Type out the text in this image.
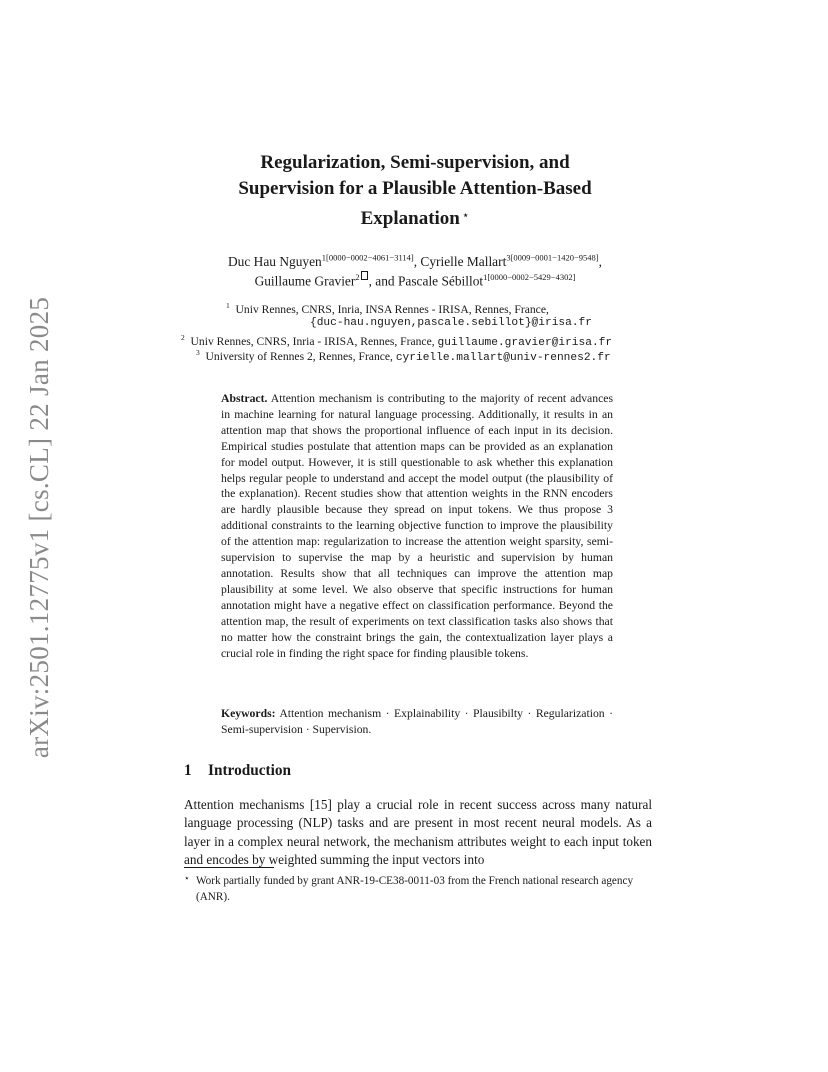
arXiv:2501.12775v1 [cs.CL] 22 Jan 2025
Regularization, Semi-supervision, and
Supervision for a Plausible Attention-Based
Explanation ⋆
Duc Hau Nguyen$^{1[0000-0002-4061-3114]}$, Cyrielle Mallart$^{3[0009-0001-1420-9548]}$,
Guillaume Gravier$^2$ , and Pascale Sébillot$^{1[0000-0002-5429-4302]}$
$^1$ Univ Rennes, CNRS, Inria, INSA Rennes - IRISA, Rennes, France,
{duc-hau.nguyen,pascale.sebillot}@irisa.fr
$^2$ Univ Rennes, CNRS, Inria - IRISA, Rennes, France, guillaume.gravier@irisa.fr
$^3$ University of Rennes 2, Rennes, France, cyrielle.mallart@univ-rennes2.fr

Abstract. Attention mechanism is contributing to the majority of recent advances in machine learning for natural language processing. Additionally, it results in an attention map that shows the proportional influence of each input in its decision. Empirical studies postulate that attention maps can be provided as an explanation for model output. However, it is still questionable to ask whether this explanation helps regular people to understand and accept the model output (the plausibility of the explanation). Recent studies show that attention weights in the RNN encoders are hardly plausible because they spread on input tokens. We thus propose 3 additional constraints to the learning objective function to improve the plausibility of the attention map: regularization to increase the attention weight sparsity, semi-supervision to supervise the map by a heuristic and supervision by human annotation. Results show that all techniques can improve the attention map plausibility at some level. We also observe that specific instructions for human annotation might have a negative effect on classification performance. Beyond the attention map, the result of experiments on text classification tasks also shows that no matter how the constraint brings the gain, the contextualization layer plays a crucial role in finding the right space for finding plausible tokens.

Keywords: Attention mechanism · Explainability · Plausibilty · Regularization · Semi-supervision · Supervision.

1 Introduction

Attention mechanisms [15] play a crucial role in recent success across many natural language processing (NLP) tasks and are present in most recent neural models. As a layer in a complex neural network, the mechanism attributes weight to each input token and encodes by weighted summing the input vectors into

⋆ Work partially funded by grant ANR-19-CE38-0011-03 from the French national research agency (ANR).
